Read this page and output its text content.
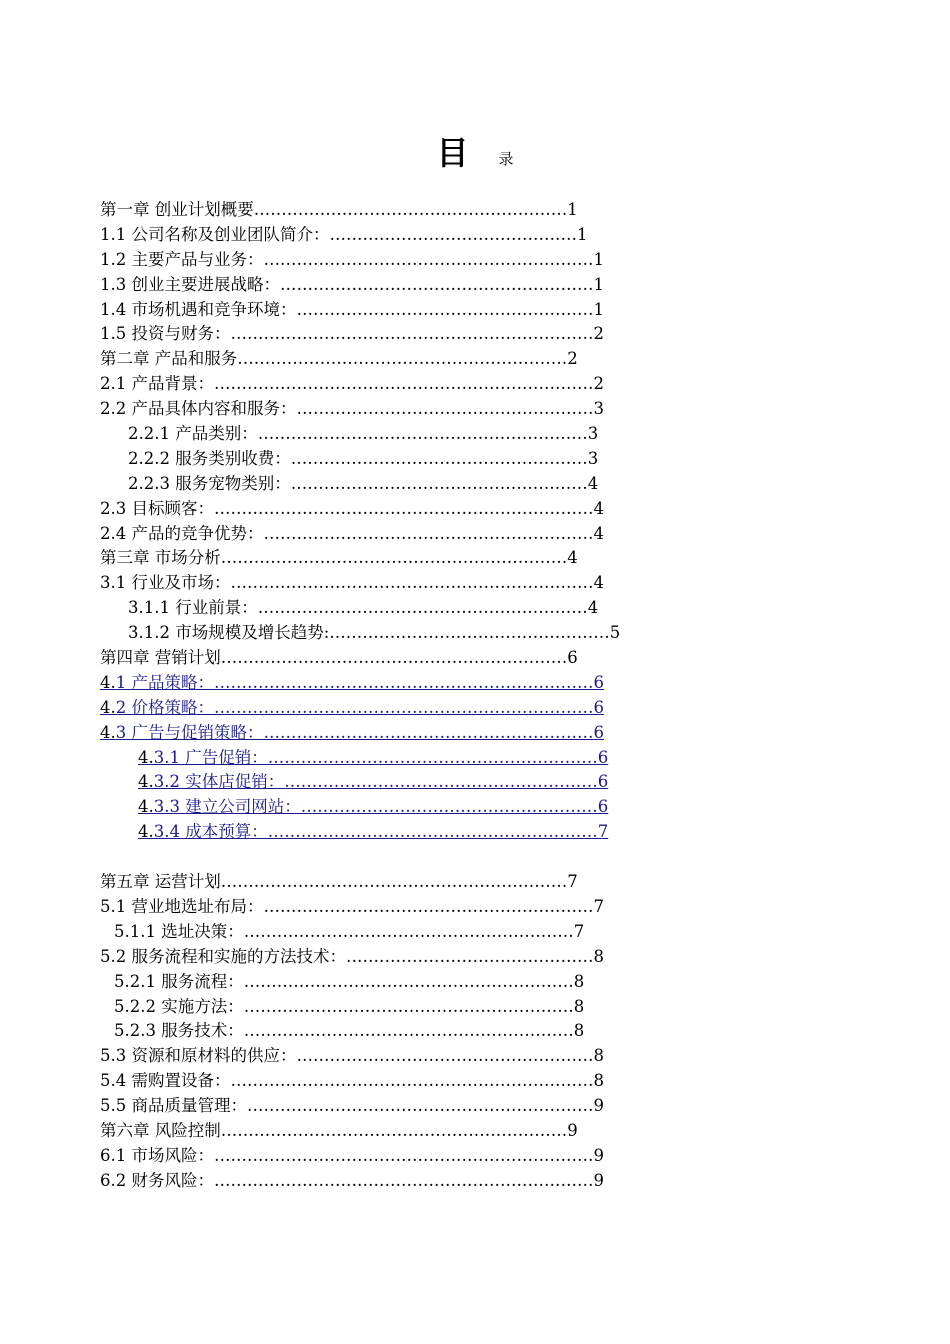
目 录
第一章 创业计划概要…………………………………………………1
1.1 公司名称及创业团队简介：………………………………………1
1.2 主要产品与业务：……………………………………………………1
1.3 创业主要进展战略：…………………………………………………1
1.4 市场机遇和竞争环境：………………………………………………1
1.5 投资与财务：…………………………………………………………2
第二章 产品和服务……………………………………………………2
2.1 产品背景：……………………………………………………………2
2.2 产品具体内容和服务：………………………………………………3
2.2.1 产品类别：……………………………………………………3
2.2.2 服务类别收费：………………………………………………3
2.2.3 服务宠物类别：………………………………………………4
2.3 目标顾客：……………………………………………………………4
2.4 产品的竞争优势：……………………………………………………4
第三章 市场分析………………………………………………………4
3.1 行业及市场：…………………………………………………………4
3.1.1 行业前景：……………………………………………………4
3.1.2 市场规模及增长趋势:……………………………………………5
第四章 营销计划………………………………………………………6
4.1 产品策略：……………………………………………………………6
4.2 价格策略：……………………………………………………………6
4.3 广告与促销策略：……………………………………………………6
4.3.1 广告促销：……………………………………………………6
4.3.2 实体店促销：…………………………………………………6
4.3.3 建立公司网站：………………………………………………6
4.3.4 成本预算：……………………………………………………7
第五章 运营计划………………………………………………………7
5.1 营业地选址布局：……………………………………………………7
5.1.1 选址决策：……………………………………………………7
5.2 服务流程和实施的方法技术：………………………………………8
5.2.1 服务流程：……………………………………………………8
5.2.2 实施方法：……………………………………………………8
5.2.3 服务技术：……………………………………………………8
5.3 资源和原材料的供应：………………………………………………8
5.4 需购置设备：…………………………………………………………8
5.5 商品质量管理：………………………………………………………9
第六章 风险控制………………………………………………………9
6.1 市场风险：……………………………………………………………9
6.2 财务风险：……………………………………………………………9
